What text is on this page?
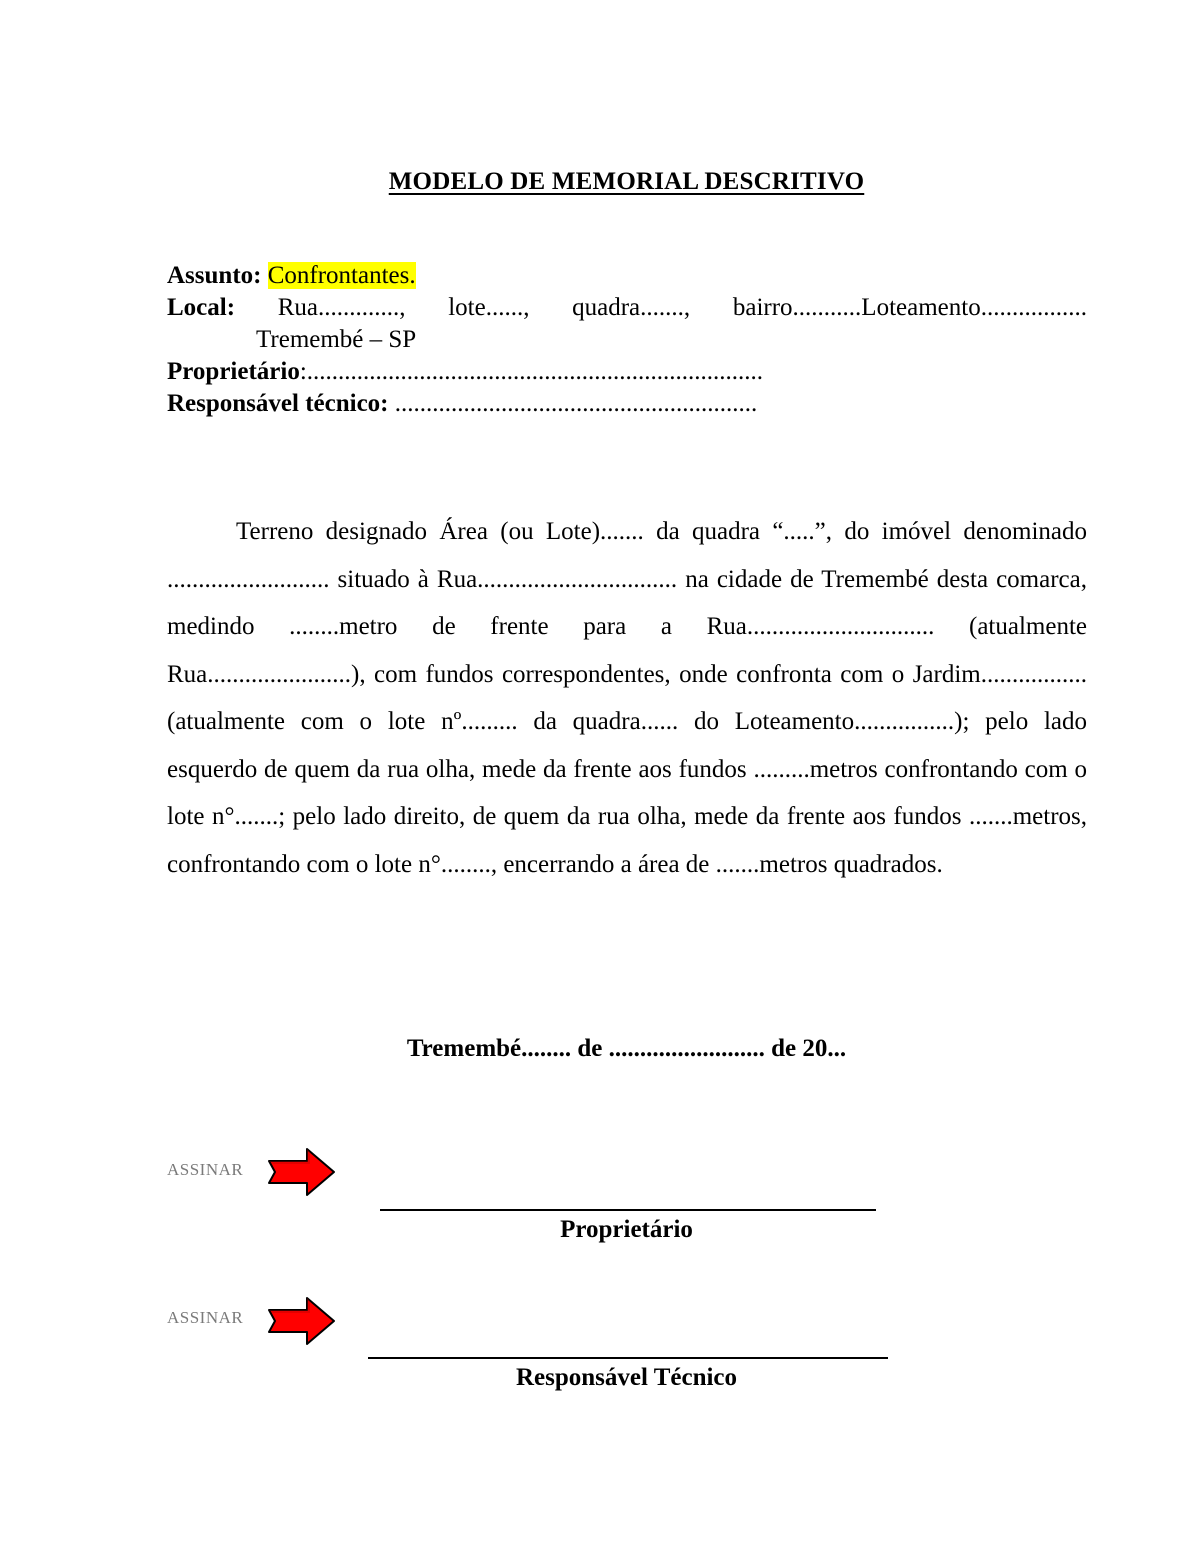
MODELO DE MEMORIAL DESCRITIVO
Assunto: Confrontantes.
Local: Rua............., lote......, quadra......., bairro...........Loteamento.................
Tremembé – SP
Proprietário:.........................................................................
Responsável técnico: ..........................................................

Terreno designado Área (ou Lote)....... da quadra “.....”, do imóvel denominado .......................... situado à Rua................................ na cidade de Tremembé desta comarca, medindo ........metro de frente para a Rua.............................. (atualmente Rua.......................), com fundos correspondentes, onde confronta com o Jardim................. (atualmente com o lote nº......... da quadra...... do Loteamento................); pelo lado esquerdo de quem da rua olha, mede da frente aos fundos .........metros confrontando com o lote n°.......; pelo lado direito, de quem da rua olha, mede da frente aos fundos .......metros, confrontando com o lote n°........, encerrando a área de .......metros quadrados.

Tremembé........ de ......................... de 20...
ASSINAR
Proprietário
ASSINAR
Responsável Técnico
